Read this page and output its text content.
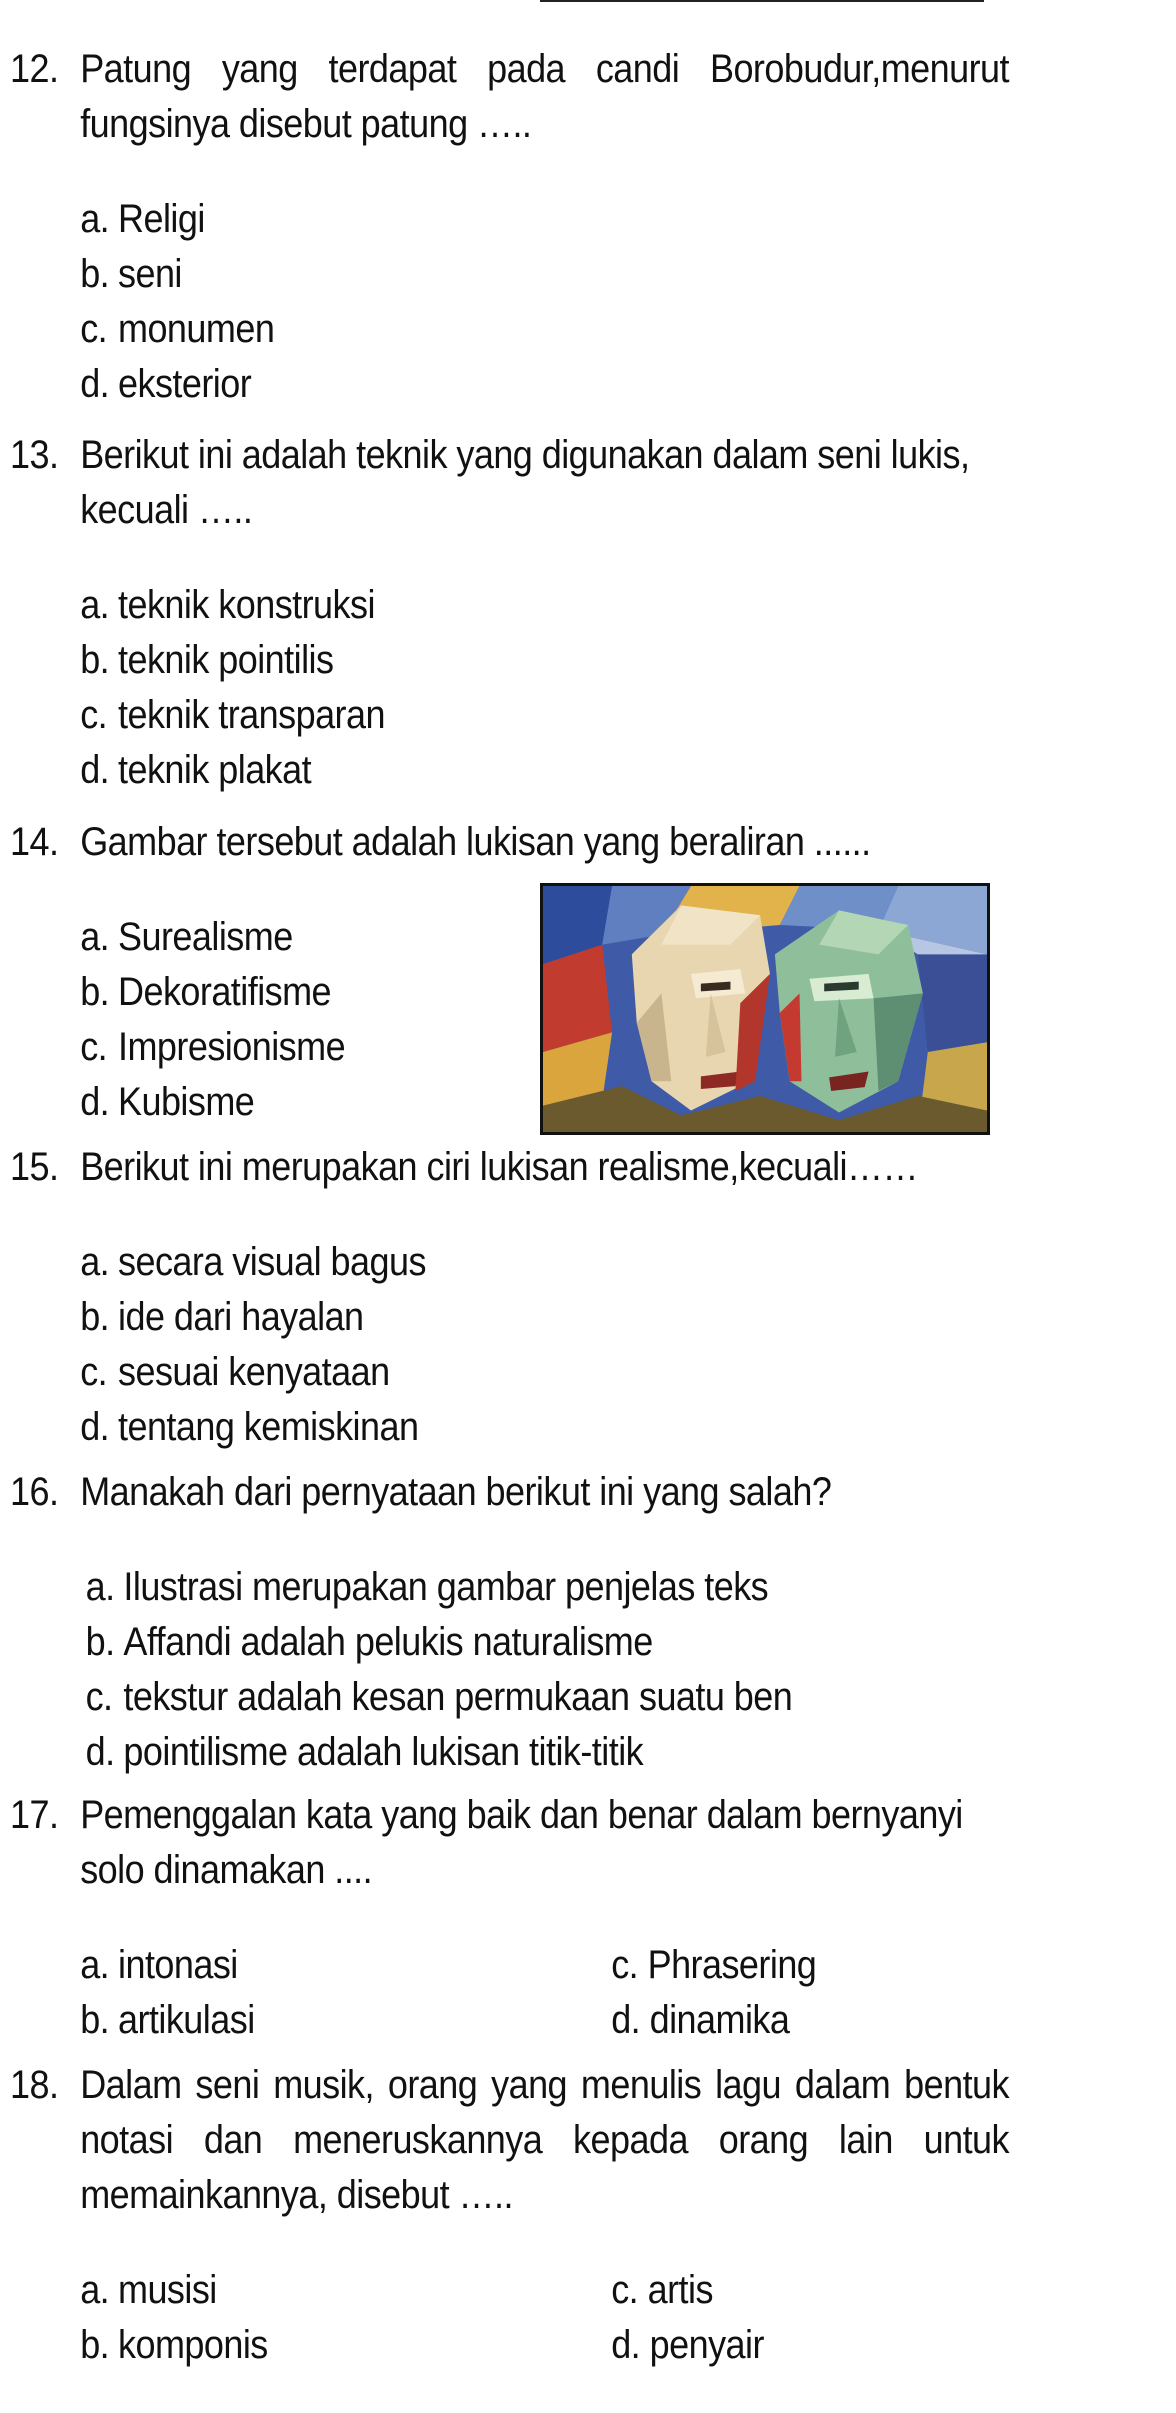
12. Patung yang terdapat pada candi Borobudur,menurut fungsinya disebut patung …..
a. Religi
b. seni
c. monumen
d. eksterior
13. Berikut ini adalah teknik yang digunakan dalam seni lukis, kecuali …..
a. teknik konstruksi
b. teknik pointilis
c. teknik transparan
d. teknik plakat
14. Gambar tersebut adalah lukisan yang beraliran ......
a. Surealisme
b. Dekoratifisme
c. Impresionisme
d. Kubisme
15. Berikut ini merupakan ciri lukisan realisme,kecuali……
a. secara visual bagus
b. ide dari hayalan
c. sesuai kenyataan
d. tentang kemiskinan
16. Manakah dari pernyataan berikut ini yang salah?
a. Ilustrasi merupakan gambar penjelas teks
b. Affandi adalah pelukis naturalisme
c. tekstur adalah kesan permukaan suatu ben
d. pointilisme adalah lukisan titik-titik
17. Pemenggalan kata yang baik dan benar dalam bernyanyi solo dinamakan ....
a. intonasi	c. Phrasering
b. artikulasi	d. dinamika
18. Dalam seni musik, orang yang menulis lagu dalam bentuk notasi dan meneruskannya kepada orang lain untuk memainkannya, disebut …..
a. musisi	c. artis
b. komponis	d. penyair
